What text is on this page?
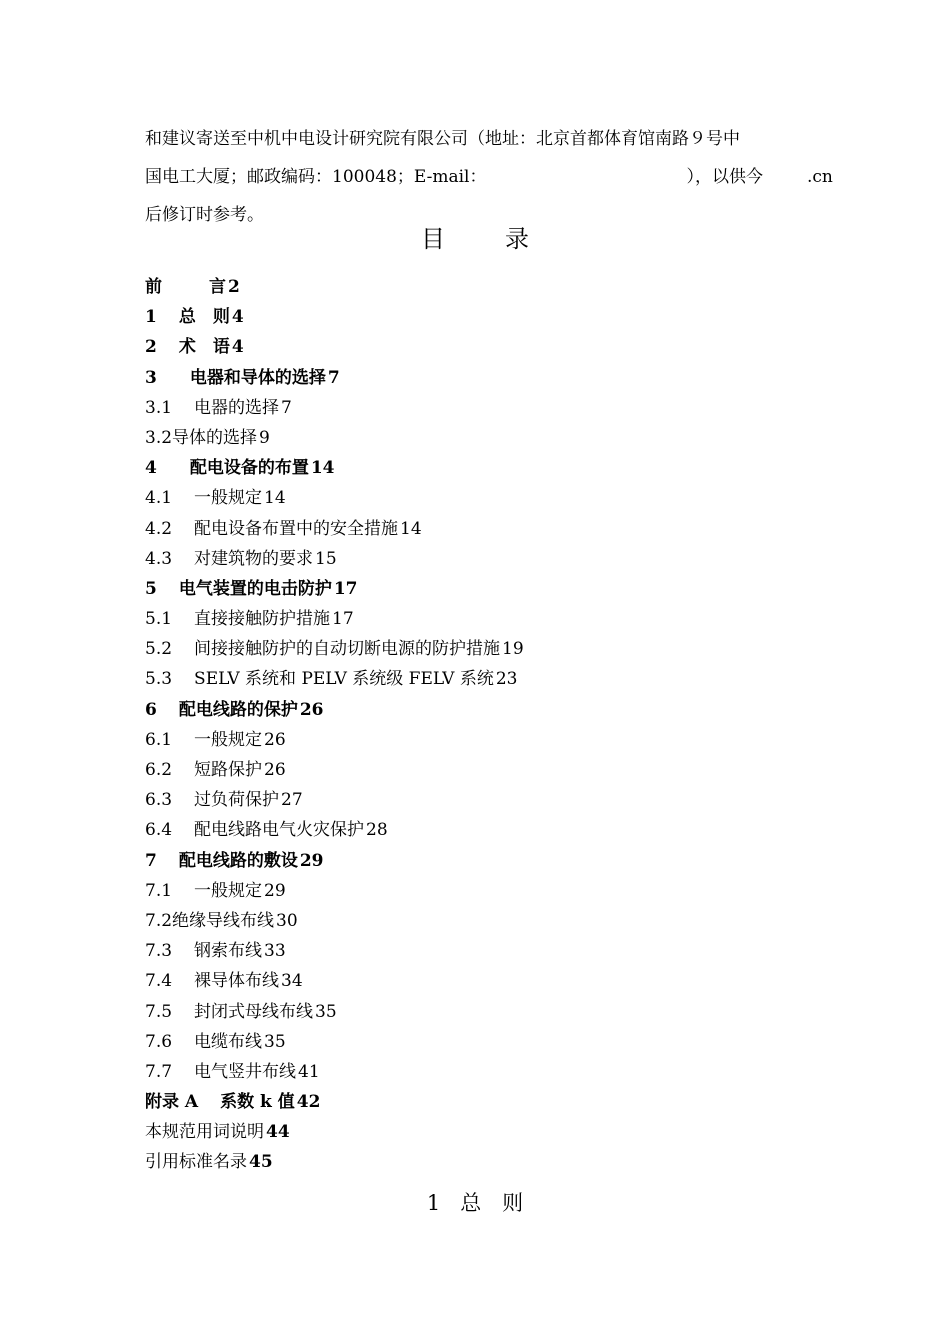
和建议寄送至中机中电设计研究院有限公司（地址：北京首都体育馆南路９号中
国电工大厦；邮政编码：100048；E-mail：	），以供今	.cn
后修订时参考。
目　录
前	言 2
1 总　则 4
2 术　语 4
3 电器和导体的选择 7
3.1 电器的选择 7
3.2导体的选择 9
4 配电设备的布置 14
4.1 一般规定 14
4.2 配电设备布置中的安全措施 14
4.3 对建筑物的要求 15
5 电气装置的电击防护 17
5.1 直接接触防护措施 17
5.2 间接接触防护的自动切断电源的防护措施 19
5.3 SELV 系统和 PELV 系统级 FELV 系统 23
6 配电线路的保护 26
6.1 一般规定 26
6.2 短路保护 26
6.3 过负荷保护 27
6.4 配电线路电气火灾保护 28
7 配电线路的敷设 29
7.1 一般规定 29
7.2绝缘导线布线 30
7.3 钢索布线 33
7.4 裸导体布线 34
7.5 封闭式母线布线 35
7.6 电缆布线 35
7.7 电气竖井布线 41
附录 A 系数 k 值 42
本规范用词说明 44
引用标准名录 45
1 总　则
